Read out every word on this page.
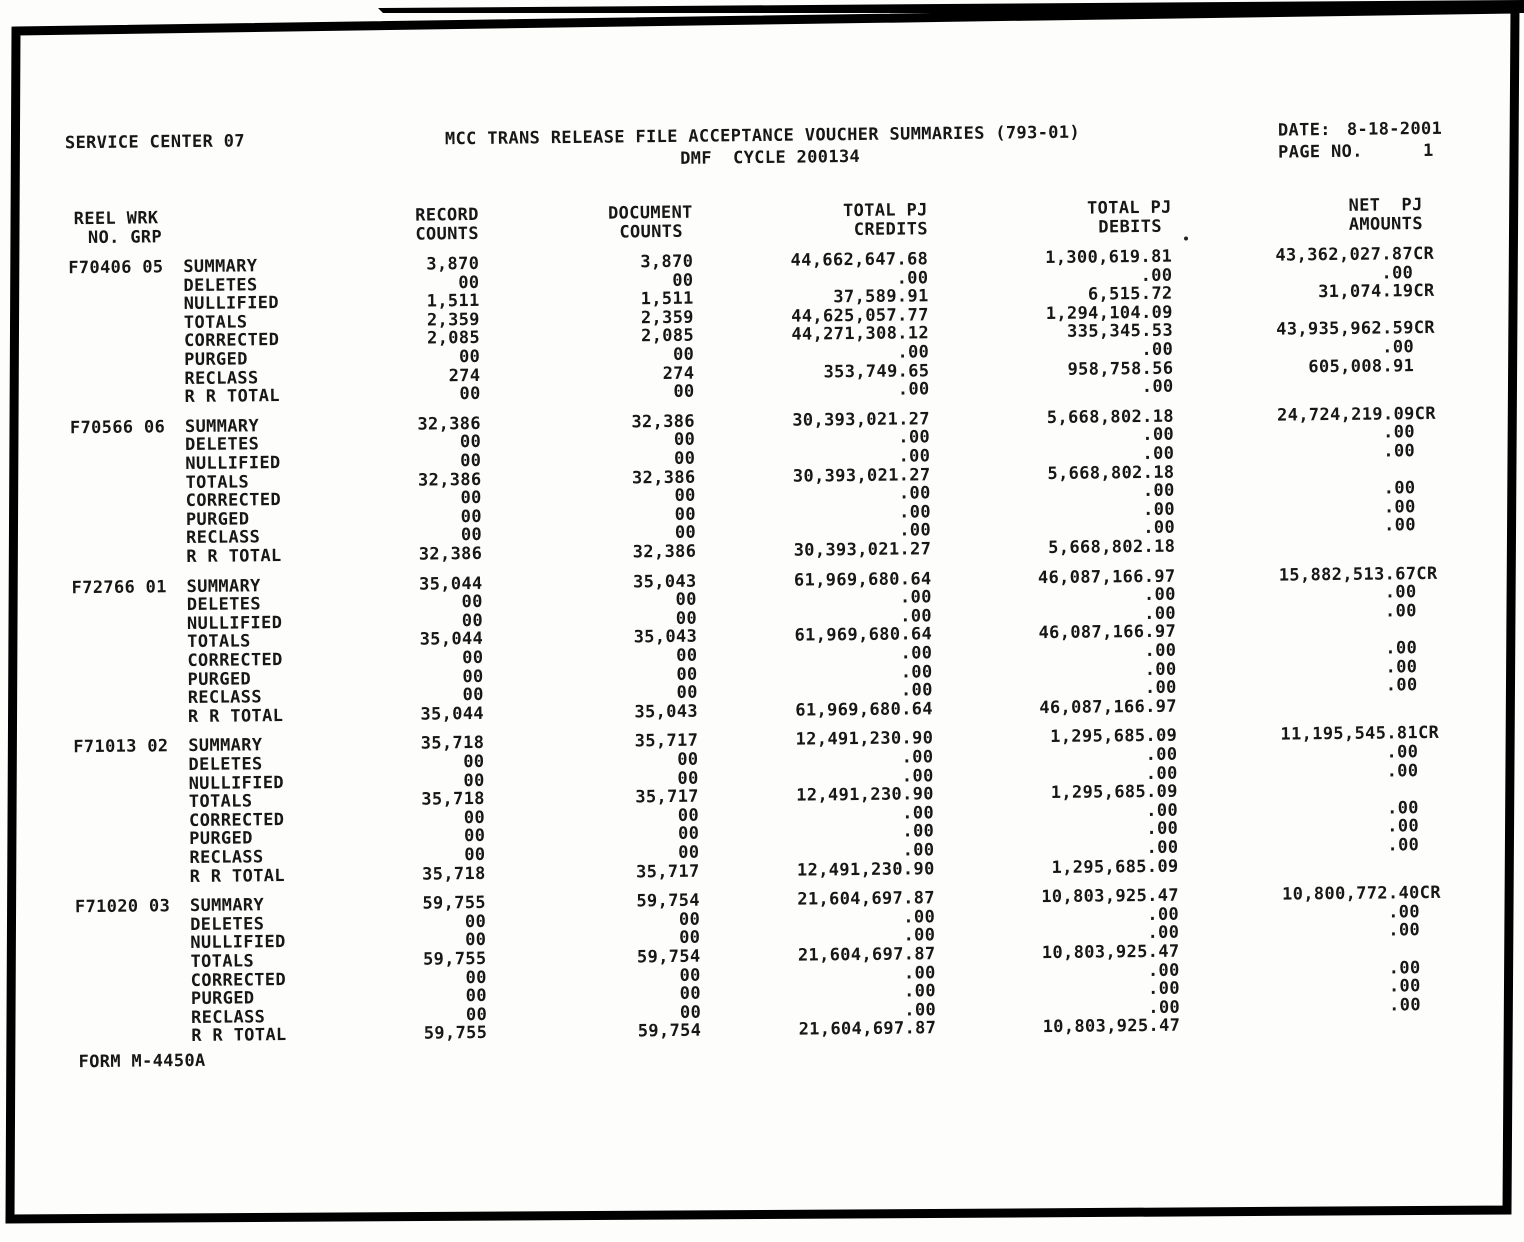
SERVICE CENTER 07	MCC TRANS RELEASE FILE ACCEPTANCE VOUCHER SUMMARIES (793-01)	DATE: 8-18-2001
DMF  CYCLE 200134	PAGE NO.	1
REEL WRK
NO. GRP
RECORD
COUNTS
DOCUMENT
COUNTS
TOTAL PJ
CREDITS
TOTAL PJ
DEBITS
NET  PJ
AMOUNTS
F70406 05 SUMMARY	3,870	3,870	44,662,647.68	1,300,619.81	43,362,027.87CR
DELETES	00	00	.00	.00	.00
NULLIFIED	1,511	1,511	37,589.91	6,515.72	31,074.19CR
TOTALS	2,359	2,359	44,625,057.77	1,294,104.09
CORRECTED	2,085	2,085	44,271,308.12	335,345.53	43,935,962.59CR
PURGED	00	00	.00	.00	.00
RECLASS	274	274	353,749.65	958,758.56	605,008.91
R R TOTAL	00	00	.00	.00
F70566 06 SUMMARY	32,386	32,386	30,393,021.27	5,668,802.18	24,724,219.09CR
DELETES	00	00	.00	.00	.00
NULLIFIED	00	00	.00	.00	.00
TOTALS	32,386	32,386	30,393,021.27	5,668,802.18
CORRECTED	00	00	.00	.00	.00
PURGED	00	00	.00	.00	.00
RECLASS	00	00	.00	.00	.00
R R TOTAL	32,386	32,386	30,393,021.27	5,668,802.18
F72766 01 SUMMARY	35,044	35,043	61,969,680.64	46,087,166.97	15,882,513.67CR
DELETES	00	00	.00	.00	.00
NULLIFIED	00	00	.00	.00	.00
TOTALS	35,044	35,043	61,969,680.64	46,087,166.97
CORRECTED	00	00	.00	.00	.00
PURGED	00	00	.00	.00	.00
RECLASS	00	00	.00	.00	.00
R R TOTAL	35,044	35,043	61,969,680.64	46,087,166.97
F71013 02 SUMMARY	35,718	35,717	12,491,230.90	1,295,685.09	11,195,545.81CR
DELETES	00	00	.00	.00	.00
NULLIFIED	00	00	.00	.00	.00
TOTALS	35,718	35,717	12,491,230.90	1,295,685.09
CORRECTED	00	00	.00	.00	.00
PURGED	00	00	.00	.00	.00
RECLASS	00	00	.00	.00	.00
R R TOTAL	35,718	35,717	12,491,230.90	1,295,685.09
F71020 03 SUMMARY	59,755	59,754	21,604,697.87	10,803,925.47	10,800,772.40CR
DELETES	00	00	.00	.00	.00
NULLIFIED	00	00	.00	.00	.00
TOTALS	59,755	59,754	21,604,697.87	10,803,925.47
CORRECTED	00	00	.00	.00	.00
PURGED	00	00	.00	.00	.00
RECLASS	00	00	.00	.00	.00
R R TOTAL	59,755	59,754	21,604,697.87	10,803,925.47
FORM M-4450A
